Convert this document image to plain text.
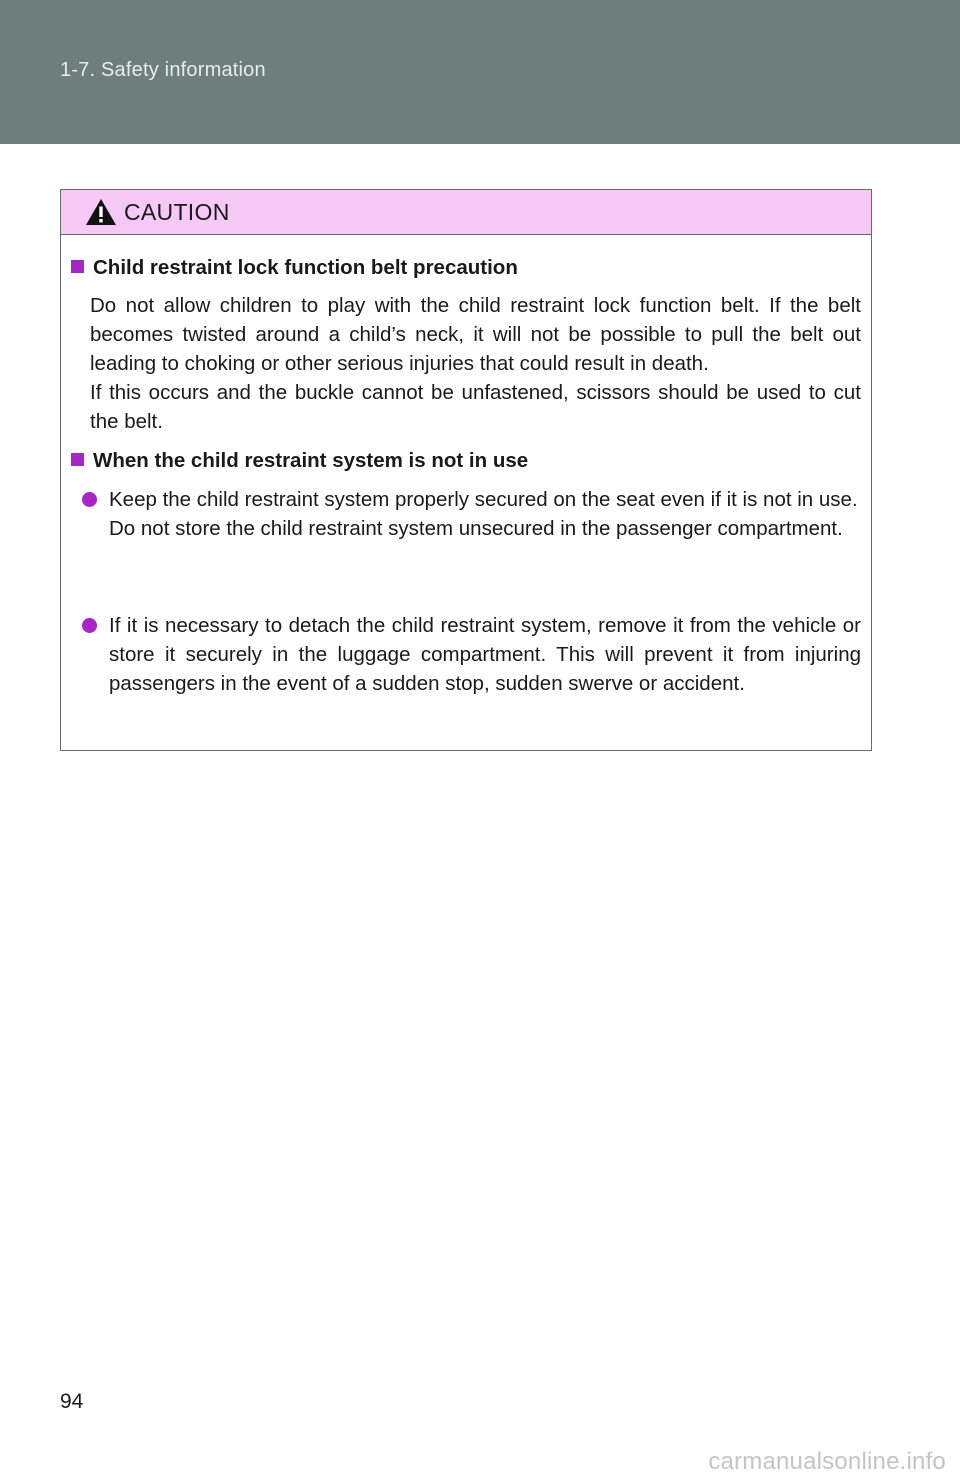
1-7. Safety information
CAUTION
Child restraint lock function belt precaution

Do not allow children to play with the child restraint lock function belt. If the belt becomes twisted around a child’s neck, it will not be possible to pull the belt out leading to choking or other serious injuries that could result in death.

If this occurs and the buckle cannot be unfastened, scissors should be used to cut the belt.

When the child restraint system is not in use

Keep the child restraint system properly secured on the seat even if it is not in use.

Do not store the child restraint system unsecured in the passenger compartment.

If it is necessary to detach the child restraint system, remove it from the vehicle or store it securely in the luggage compartment. This will prevent it from injuring passengers in the event of a sudden stop, sudden swerve or accident.

94
carmanualsonline.info
